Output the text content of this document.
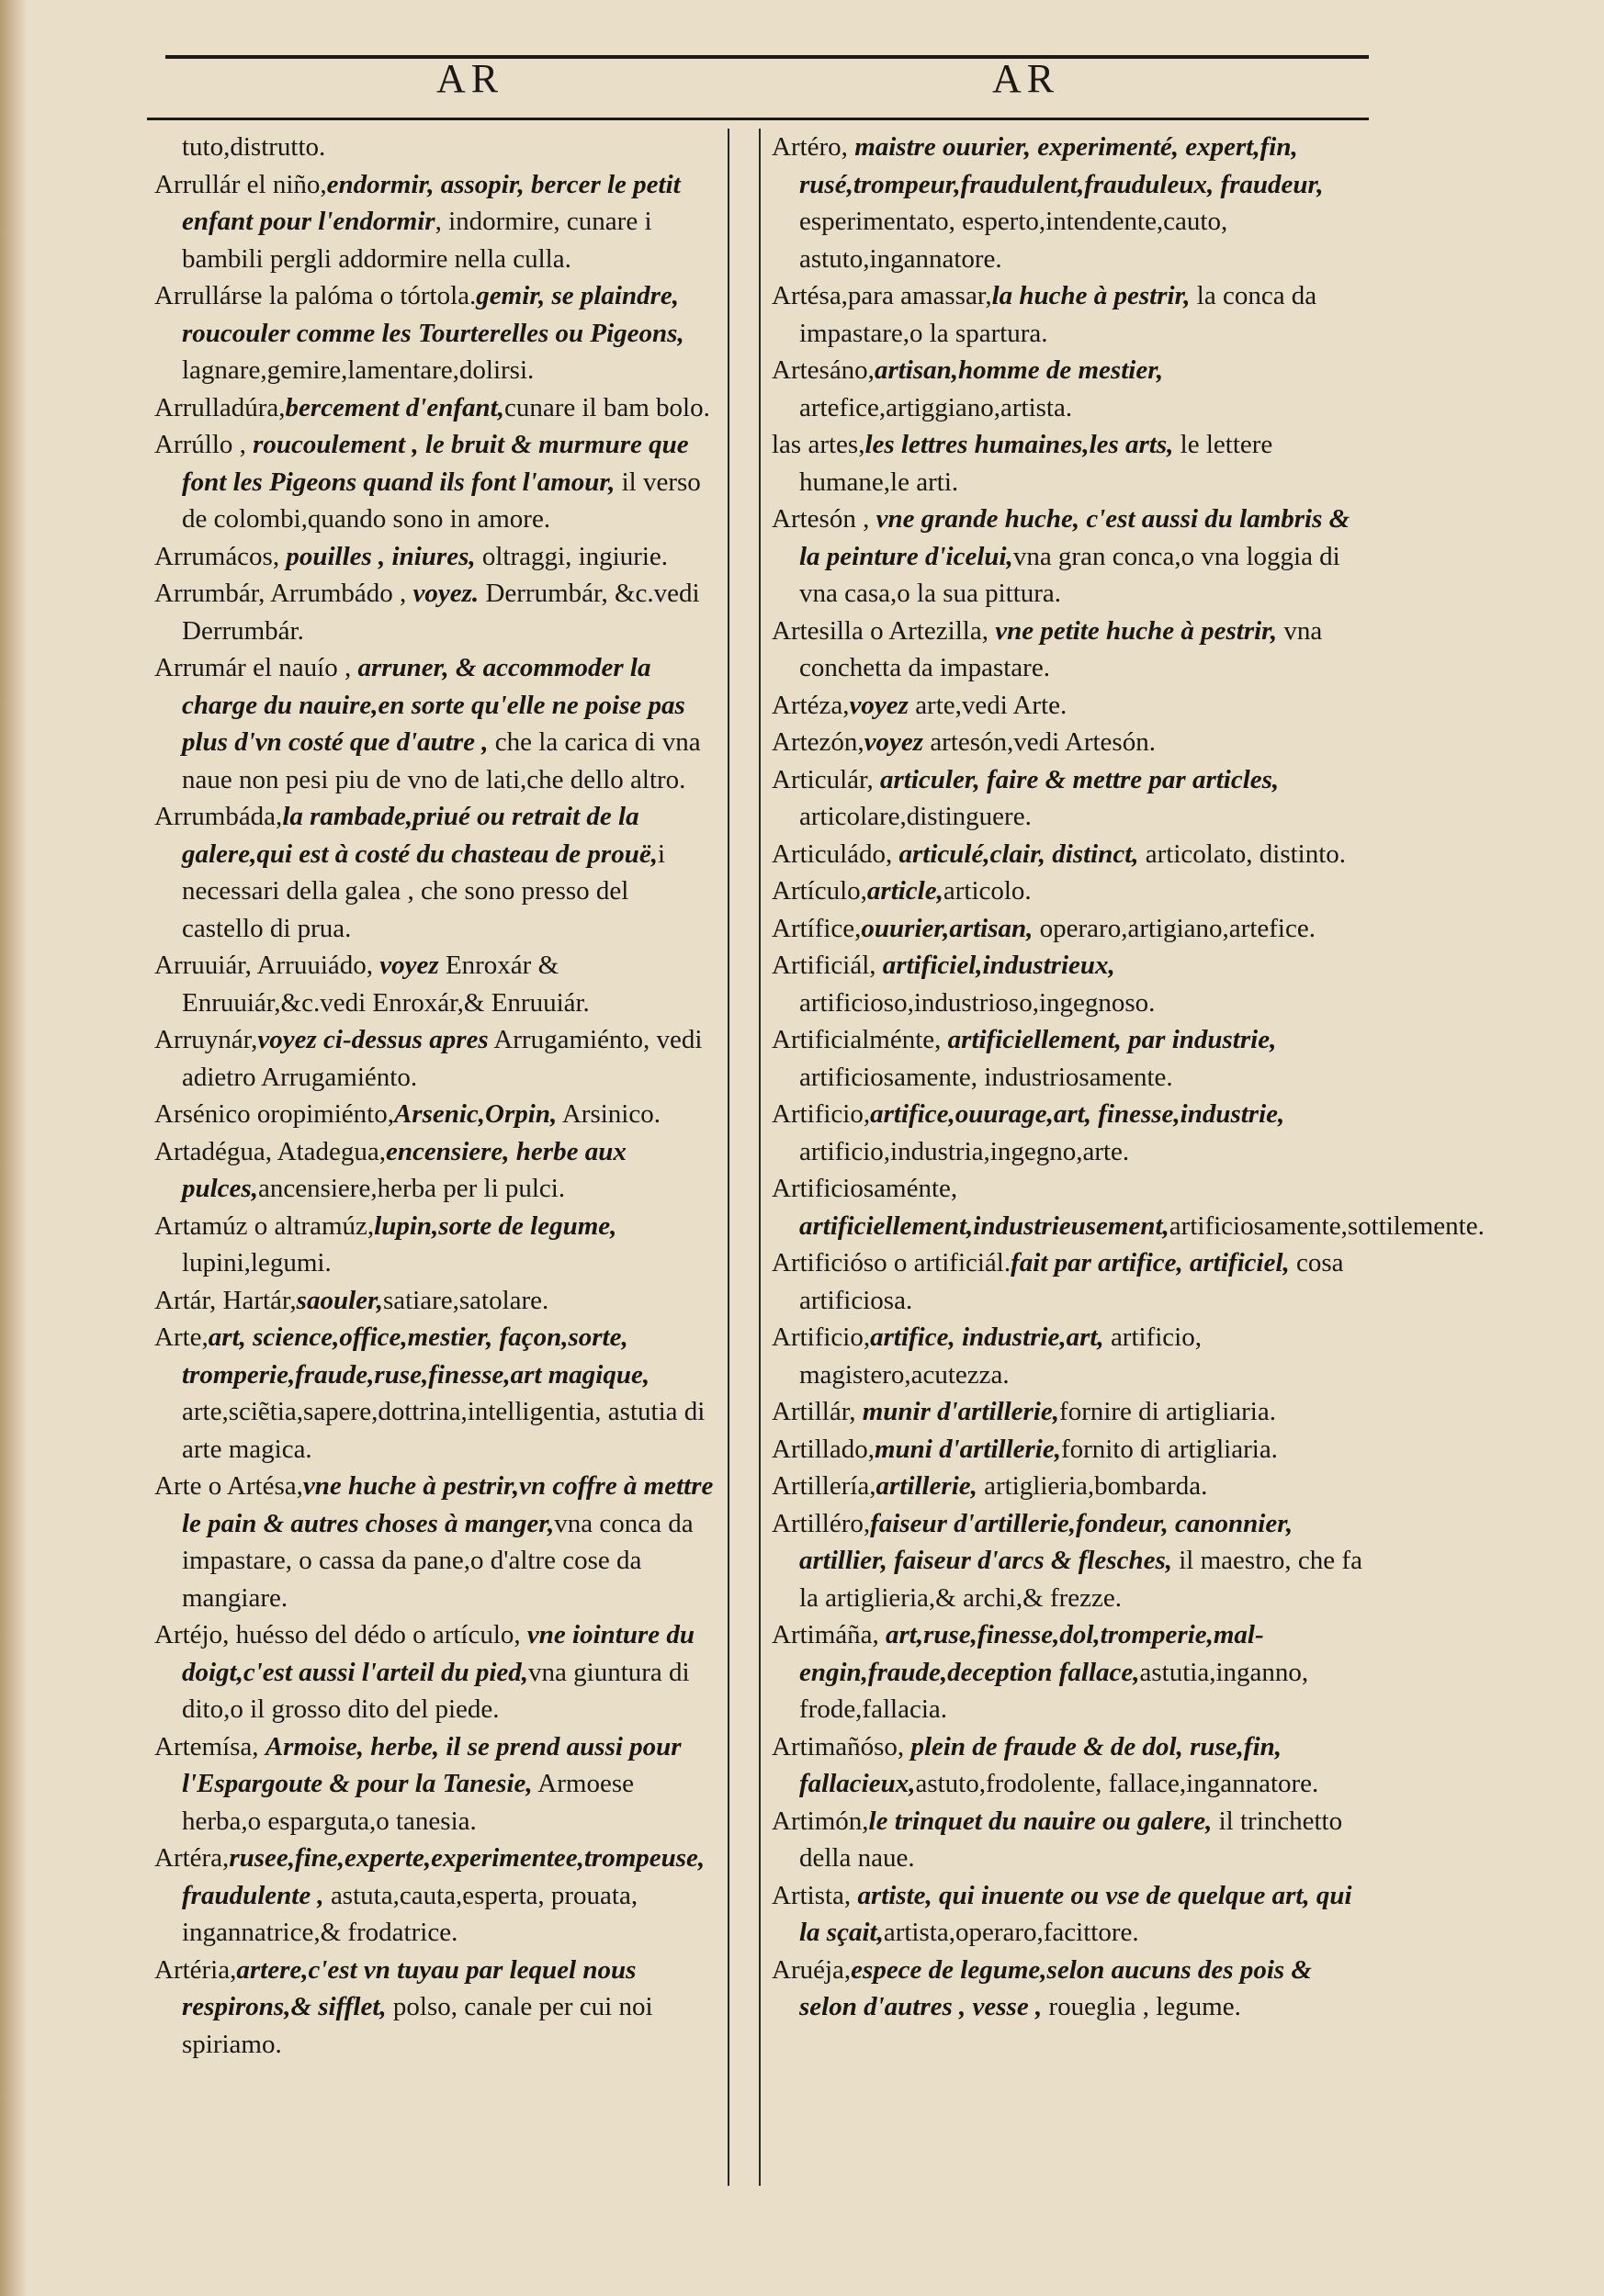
AR	AR

tuto,distrutto.

Arrullár el niño,endormir, assopir, bercer le petit enfant pour l'endormir, indormire, cunare i bambili pergli addormire nella culla.

Arrullárse la palóma o tórtola.gemir, se plaindre, roucouler comme les Tourterelles ou Pigeons, lagnare,gemire,lamentare,dolirsi.

Arrulladúra,bercement d'enfant,cunare il bam bolo.

Arrúllo , roucoulement , le bruit & murmure que font les Pigeons quand ils font l'amour, il verso de colombi,quando sono in amore.

Arrumácos, pouilles , iniures, oltraggi, ingiurie.

Arrumbár, Arrumbádo , voyez. Derrumbár, &c.vedi Derrumbár.

Arrumár el nauío , arruner, & accommoder la charge du nauire,en sorte qu'elle ne poise pas plus d'vn costé que d'autre , che la carica di vna naue non pesi piu de vno de lati,che dello altro.

Arrumbáda,la rambade,priué ou retrait de la galere,qui est à costé du chasteau de prouë,i necessari della galea , che sono presso del castello di prua.

Arruuiár, Arruuiádo, voyez Enroxár & Enruuiár,&c.vedi Enroxár,& Enruuiár.

Arruynár,voyez ci-dessus apres Arrugamiénto, vedi adietro Arrugamiénto.

Arsénico oropimiénto,Arsenic,Orpin, Arsinico.

Artadégua, Atadegua,encensiere, herbe aux pulces,ancensiere,herba per li pulci.

Artamúz o altramúz,lupin,sorte de legume, lupini,legumi.

Artár, Hartár,saouler,satiare,satolare.

Arte,art, science,office,mestier, façon,sorte, tromperie,fraude,ruse,finesse,art magique, arte,sciẽtia,sapere,dottrina,intelligentia, astutia di arte magica.

Arte o Artésa,vne huche à pestrir,vn coffre à mettre le pain & autres choses à manger,vna conca da impastare, o cassa da pane,o d'altre cose da mangiare.

Artéjo, huésso del dédo o artículo, vne iointure du doigt,c'est aussi l'arteil du pied,vna giuntura di dito,o il grosso dito del piede.

Artemísa, Armoise, herbe, il se prend aussi pour l'Espargoute & pour la Tanesie, Armoese herba,o esparguta,o tanesia.

Artéra,rusee,fine,experte,experimentee,trompeuse, fraudulente , astuta,cauta,esperta, prouata, ingannatrice,& frodatrice.

Artéria,artere,c'est vn tuyau par lequel nous respirons,& sifflet, polso, canale per cui noi spiriamo.

Artéro, maistre ouurier, experimenté, expert,fin, rusé,trompeur,fraudulent,frauduleux, fraudeur, esperimentato, esperto,intendente,cauto, astuto,ingannatore.

Artésa,para amassar,la huche à pestrir, la conca da impastare,o la spartura.

Artesáno,artisan,homme de mestier, artefice,artiggiano,artista.

las artes,les lettres humaines,les arts, le lettere humane,le arti.

Artesón , vne grande huche, c'est aussi du lambris & la peinture d'icelui,vna gran conca,o vna loggia di vna casa,o la sua pittura.

Artesilla o Artezilla, vne petite huche à pestrir, vna conchetta da impastare.

Artéza,voyez arte,vedi Arte.

Artezón,voyez artesón,vedi Artesón.

Articulár, articuler, faire & mettre par articles, articolare,distinguere.

Articuládo, articulé,clair, distinct, articolato, distinto.

Artículo,article,articolo.

Artífice,ouurier,artisan, operaro,artigiano,artefice.

Artificiál, artificiel,industrieux, artificioso,industrioso,ingegnoso.

Artificialménte, artificiellement, par industrie, artificiosamente, industriosamente.

Artificio,artifice,ouurage,art, finesse,industrie, artificio,industria,ingegno,arte.

Artificiosaménte, artificiellement,industrieusement,artificiosamente,sottilemente.

Artificióso o artificiál.fait par artifice, artificiel, cosa artificiosa.

Artificio,artifice, industrie,art, artificio, magistero,acutezza.

Artillár, munir d'artillerie,fornire di artigliaria.

Artillado,muni d'artillerie,fornito di artigliaria.

Artillería,artillerie, artiglieria,bombarda.

Artilléro,faiseur d'artillerie,fondeur, canonnier, artillier, faiseur d'arcs & flesches, il maestro, che fa la artiglieria,& archi,& frezze.

Artimáña, art,ruse,finesse,dol,tromperie,mal-engin,fraude,deception fallace,astutia,inganno, frode,fallacia.

Artimañóso, plein de fraude & de dol, ruse,fin, fallacieux,astuto,frodolente, fallace,ingannatore.

Artimón,le trinquet du nauire ou galere, il trinchetto della naue.

Artista, artiste, qui inuente ou vse de quelque art, qui la sçait,artista,operaro,facittore.

Aruéja,espece de legume,selon aucuns des pois & selon d'autres , vesse , roueglia , legume.
